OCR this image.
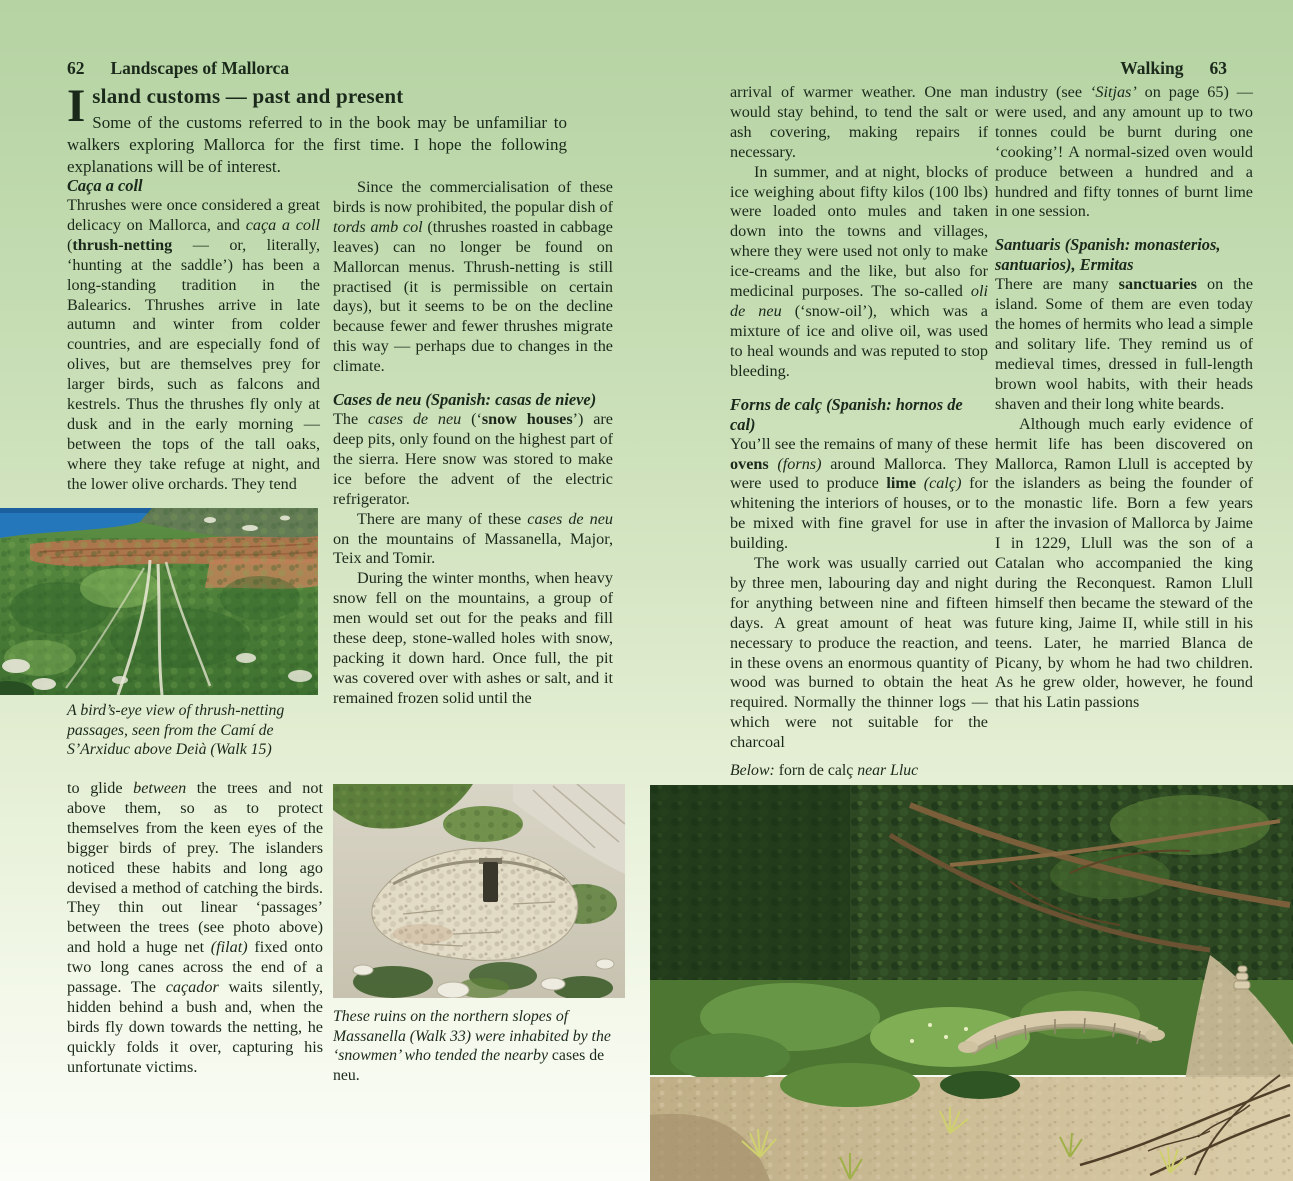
62 Landscapes of Mallorca	Walking 63

I sland customs — past and present
Some of the customs referred to in the book may be unfamiliar to walkers exploring Mallorca for the first time. I hope the following explanations will be of interest.

Caça a coll

Thrushes were once considered a great delicacy on Mallorca, and caça a coll (thrush-netting — or, literally, ‘hunting at the saddle’) has been a long-standing tradition in the Balearics. Thrushes arrive in late autumn and winter from colder countries, and are especially fond of olives, but are themselves prey for larger birds, such as falcons and kestrels. Thus the thrushes fly only at dusk and in the early morning — between the tops of the tall oaks, where they take refuge at night, and the lower olive orchards. They tend

A bird’s-eye view of thrush-netting passages, seen from the Camí de S’Arxiduc above Deià (Walk 15)

to glide between the trees and not above them, so as to protect themselves from the keen eyes of the bigger birds of prey. The islanders noticed these habits and long ago devised a method of catching the birds. They thin out linear ‘passages’ between the trees (see photo above) and hold a huge net (filat) fixed onto two long canes across the end of a passage. The caçador waits silently, hidden behind a bush and, when the birds fly down towards the netting, he quickly folds it over, capturing his unfortunate victims.

Since the commercialisation of these birds is now prohibited, the popular dish of tords amb col (thrushes roasted in cabbage leaves) can no longer be found on Mallorcan menus. Thrush-netting is still practised (it is permissible on certain days), but it seems to be on the decline because fewer and fewer thrushes migrate this way — perhaps due to changes in the climate.

Cases de neu (Spanish: casas de nieve)

The cases de neu (‘snow houses’) are deep pits, only found on the highest part of the sierra. Here snow was stored to make ice before the advent of the electric refrigerator.

There are many of these cases de neu on the mountains of Massanella, Major, Teix and Tomir.

During the winter months, when heavy snow fell on the mountains, a group of men would set out for the peaks and fill these deep, stone-walled holes with snow, packing it down hard. Once full, the pit was covered over with ashes or salt, and it remained frozen solid until the

These ruins on the northern slopes of Massanella (Walk 33) were inhabited by the ‘snowmen’ who tended the nearby cases de neu.

arrival of warmer weather. One man would stay behind, to tend the salt or ash covering, making repairs if necessary.

In summer, and at night, blocks of ice weighing about fifty kilos (100 lbs) were loaded onto mules and taken down into the towns and villages, where they were used not only to make ice-creams and the like, but also for medicinal purposes. The so-called oli de neu (‘snow-oil’), which was a mixture of ice and olive oil, was used to heal wounds and was reputed to stop bleeding.

Forns de calç (Spanish: hornos de cal)

You’ll see the remains of many of these ovens (forns) around Mallorca. They were used to produce lime (calç) for whitening the interiors of houses, or to be mixed with fine gravel for use in building.

The work was usually carried out by three men, labouring day and night for anything between nine and fifteen days. A great amount of heat was necessary to produce the reaction, and in these ovens an enormous quantity of wood was burned to obtain the heat required. Normally the thinner logs — which were not suitable for the charcoal

Below: forn de calç near Lluc

industry (see ‘Sitjas’ on page 65) — were used, and any amount up to two tonnes could be burnt during one ‘cooking’! A normal-sized oven would produce between a hundred and a hundred and fifty tonnes of burnt lime in one session.

Santuaris (Spanish: monasterios, santuarios), Ermitas

There are many sanctuaries on the island. Some of them are even today the homes of hermits who lead a simple and solitary life. They remind us of medieval times, dressed in full-length brown wool habits, with their heads shaven and their long white beards.

Although much early evidence of hermit life has been discovered on Mallorca, Ramon Llull is accepted by the islanders as being the founder of the monastic life. Born a few years after the invasion of Mallorca by Jaime I in 1229, Llull was the son of a Catalan who accompanied the king during the Reconquest. Ramon Llull himself then became the steward of the future king, Jaime II, while still in his teens. Later, he married Blanca de Picany, by whom he had two children. As he grew older, however, he found that his Latin passions
